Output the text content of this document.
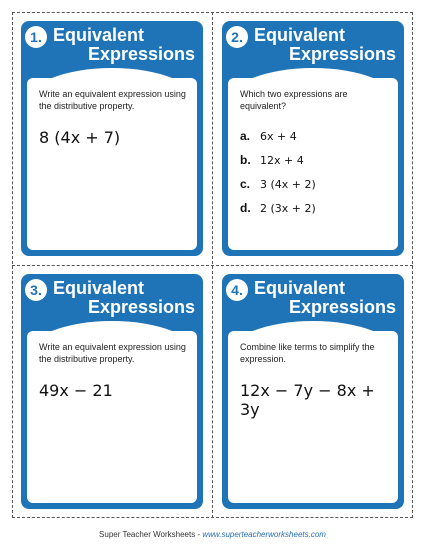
1. Equivalent
Expressions
Write an equivalent expression using the distributive property.
8 (4x + 7)
2. Equivalent
Expressions
Which two expressions are equivalent?
a. 6x + 4
b. 12x + 4
c. 3 (4x + 2)
d. 2 (3x + 2)
3. Equivalent
Expressions
Write an equivalent expression using the distributive property.
49x − 21
4. Equivalent
Expressions
Combine like terms to simplify the expression.
12x − 7y − 8x + 3y
Super Teacher Worksheets - www.superteacherworksheets.com
